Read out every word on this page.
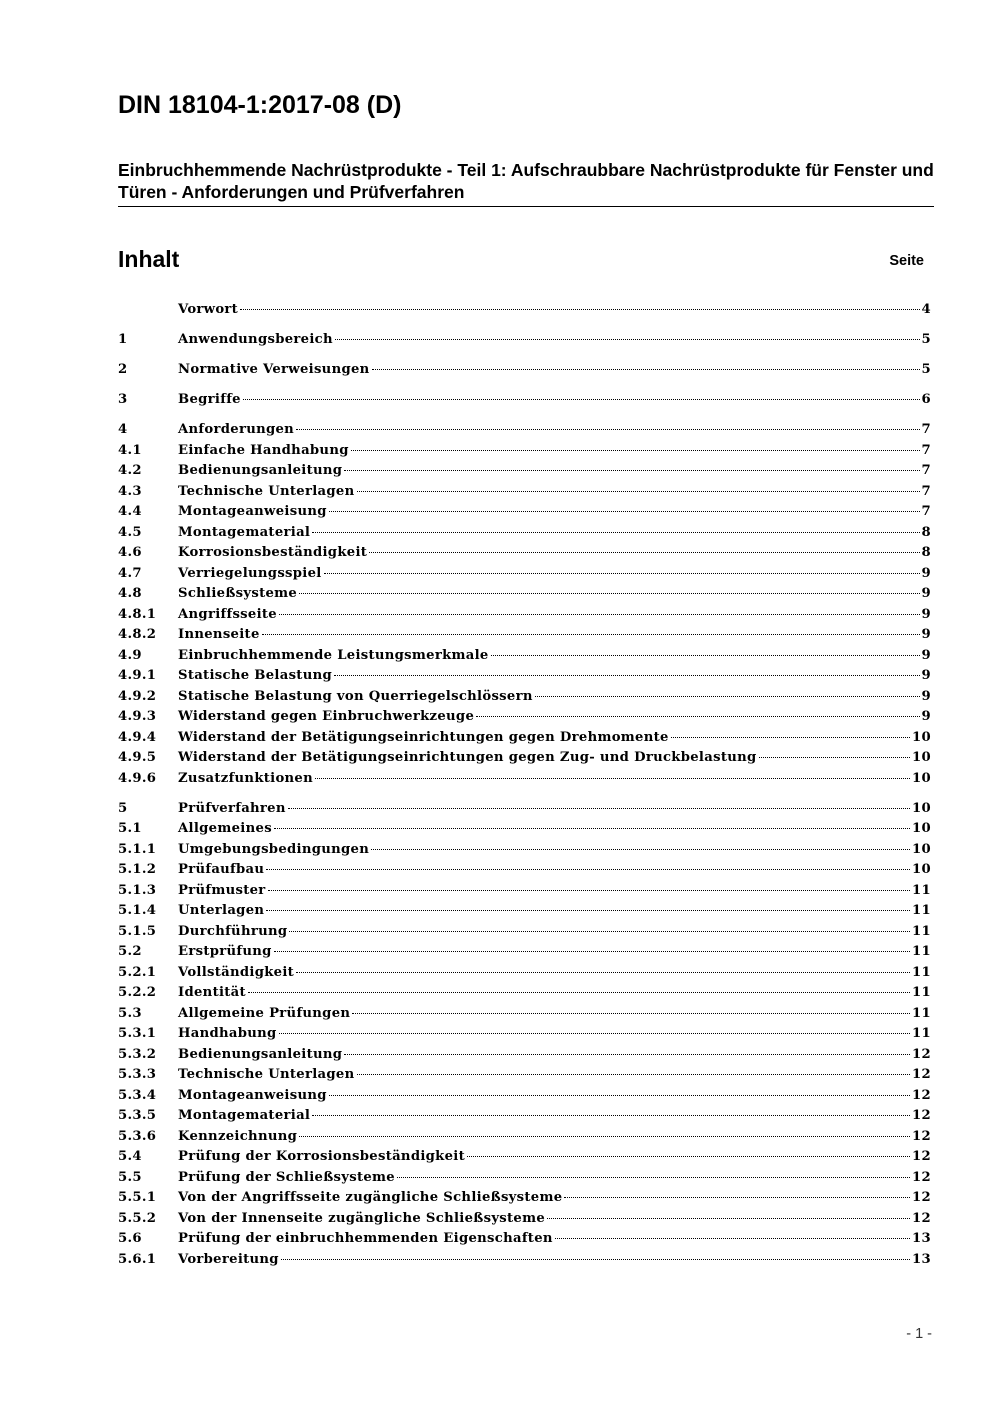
DIN 18104-1:2017-08 (D)
Einbruchhemmende Nachrüstprodukte - Teil 1: Aufschraubbare Nachrüstprodukte für Fenster und Türen - Anforderungen und Prüfverfahren
Inhalt	Seite
Vorwort	4
1	Anwendungsbereich	5
2	Normative Verweisungen	5
3	Begriffe	6
4	Anforderungen	7
4.1	Einfache Handhabung	7
4.2	Bedienungsanleitung	7
4.3	Technische Unterlagen	7
4.4	Montageanweisung	7
4.5	Montagematerial	8
4.6	Korrosionsbeständigkeit	8
4.7	Verriegelungsspiel	9
4.8	Schließsysteme	9
4.8.1	Angriffsseite	9
4.8.2	Innenseite	9
4.9	Einbruchhemmende Leistungsmerkmale	9
4.9.1	Statische Belastung	9
4.9.2	Statische Belastung von Querriegelschlössern	9
4.9.3	Widerstand gegen Einbruchwerkzeuge	9
4.9.4	Widerstand der Betätigungseinrichtungen gegen Drehmomente	10
4.9.5	Widerstand der Betätigungseinrichtungen gegen Zug- und Druckbelastung	10
4.9.6	Zusatzfunktionen	10
5	Prüfverfahren	10
5.1	Allgemeines	10
5.1.1	Umgebungsbedingungen	10
5.1.2	Prüfaufbau	10
5.1.3	Prüfmuster	11
5.1.4	Unterlagen	11
5.1.5	Durchführung	11
5.2	Erstprüfung	11
5.2.1	Vollständigkeit	11
5.2.2	Identität	11
5.3	Allgemeine Prüfungen	11
5.3.1	Handhabung	11
5.3.2	Bedienungsanleitung	12
5.3.3	Technische Unterlagen	12
5.3.4	Montageanweisung	12
5.3.5	Montagematerial	12
5.3.6	Kennzeichnung	12
5.4	Prüfung der Korrosionsbeständigkeit	12
5.5	Prüfung der Schließsysteme	12
5.5.1	Von der Angriffsseite zugängliche Schließsysteme	12
5.5.2	Von der Innenseite zugängliche Schließsysteme	12
5.6	Prüfung der einbruchhemmenden Eigenschaften	13
5.6.1	Vorbereitung	13
- 1 -
